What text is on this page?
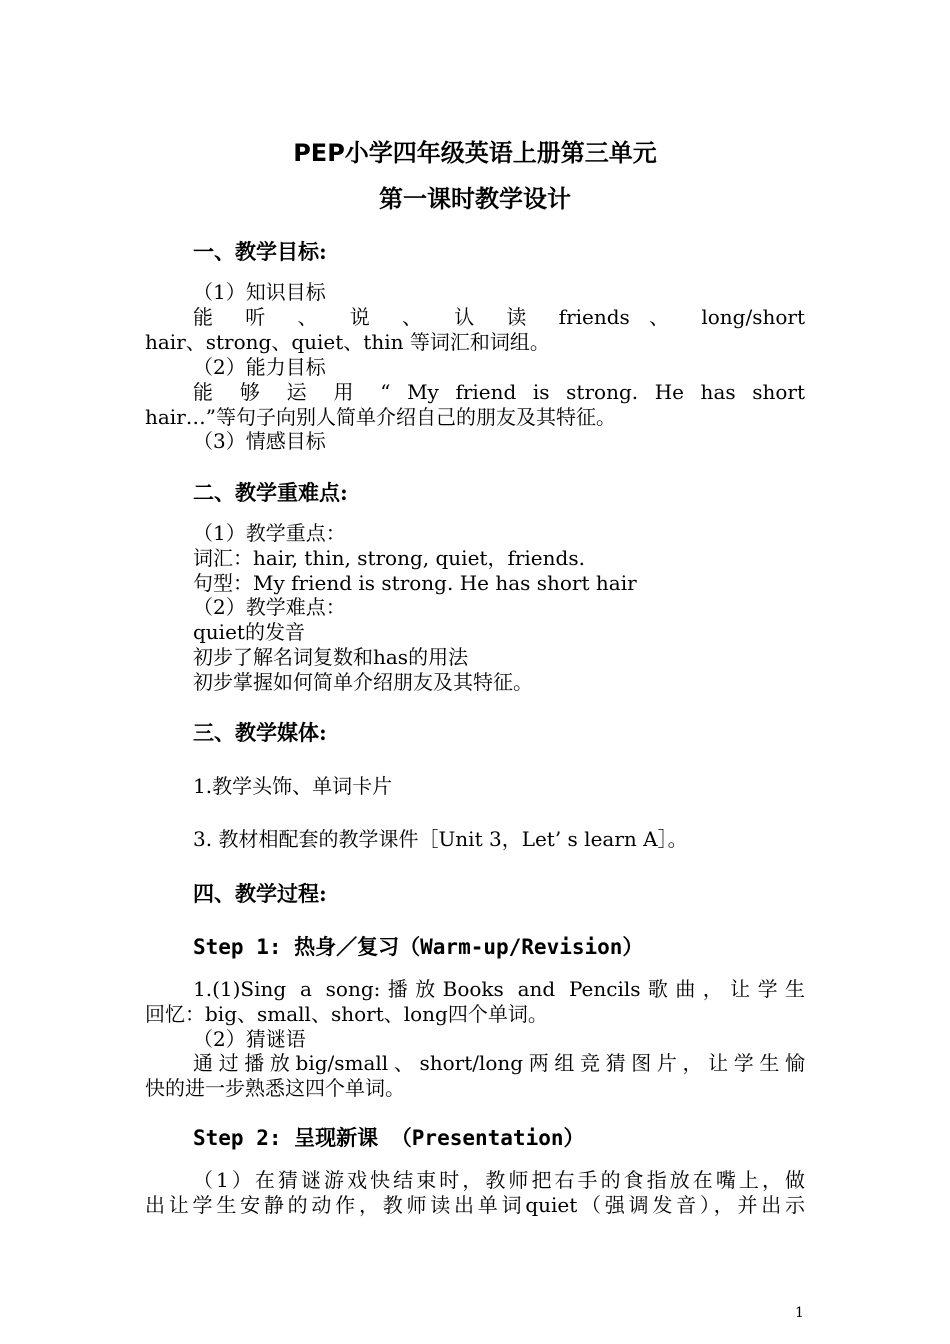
PEP小学四年级英语上册第三单元
第一课时教学设计
一、教学目标:
（1）知识目标
能 听 、 说 、 认 读 friends 、 long/short
hair、strong、quiet、thin 等词汇和词组。
（2）能力目标
能 够 运 用 “ My friend is strong. He has short
hair…”等句子向别人简单介绍自己的朋友及其特征。
（3）情感目标
二、教学重难点:
（1）教学重点：
词汇：hair, thin, strong, quiet，friends.
句型：My friend is strong. He has short hair
（2）教学难点：
quiet的发音
初步了解名词复数和has的用法
初步掌握如何简单介绍朋友及其特征。
三、教学媒体:
1.教学头饰、单词卡片
3. 教材相配套的教学课件［Unit 3，Let’ s learn A］。
四、教学过程:
Step 1: 热身／复习（Warm-up/Revision）
1.(1)Sing a song:播放Books and Pencils歌曲，让学生
回忆：big、small、short、long四个单词。
（2）猜谜语
通过播放big/small、short/long两组竞猜图片，让学生愉
快的进一步熟悉这四个单词。
Step 2: 呈现新课 （Presentation）
（1）在猜谜游戏快结束时，教师把右手的食指放在嘴上，做
出让学生安静的动作，教师读出单词quiet（强调发音），并出示
1
